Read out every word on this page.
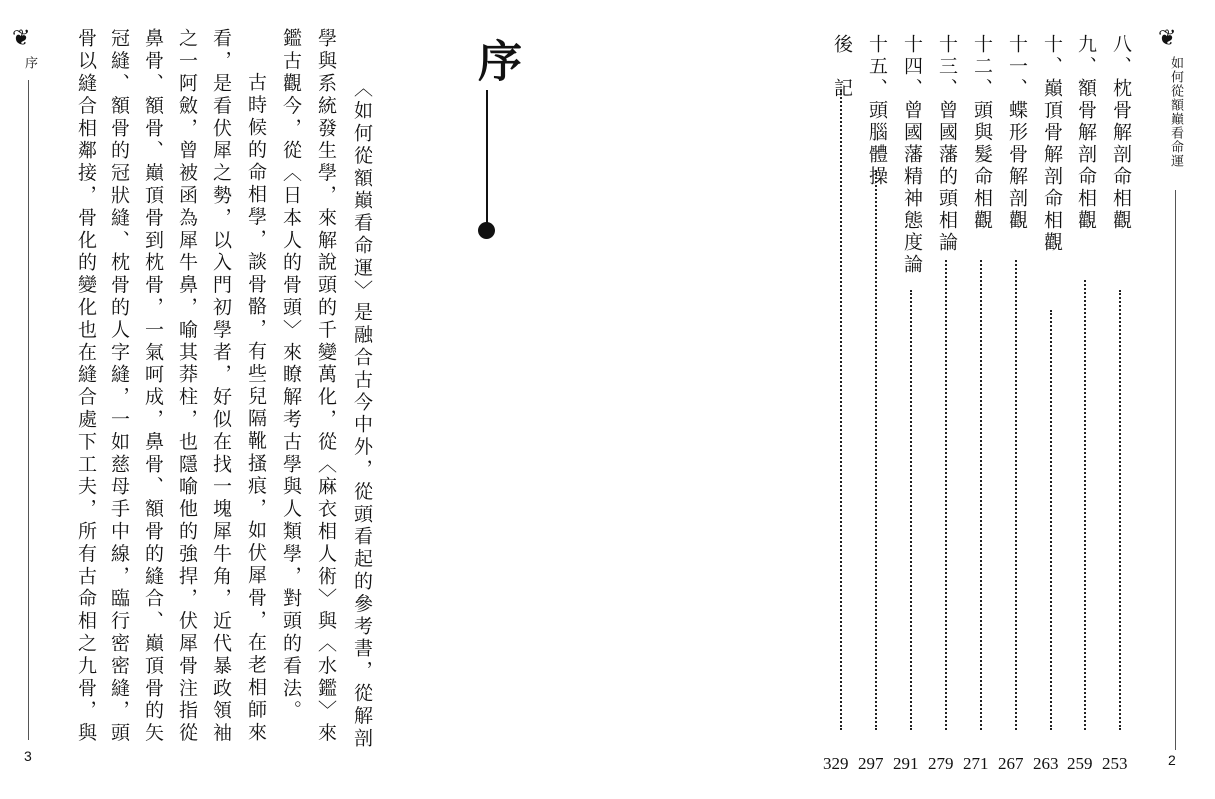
❦
序
3
骨以縫合相鄰接，骨化的變化也在縫合處下工夫，所有古命相之九骨，與 冠縫、額骨的冠狀縫、枕骨的人字縫，一如慈母手中線，臨行密密縫，頭 鼻骨、額骨、巔頂骨到枕骨，一氣呵成，鼻骨、額骨的縫合、巔頂骨的矢 之一阿斂，曾被函為犀牛鼻，喻其莽柱，也隱喻他的強捍，伏犀骨注指從 看，是看伏犀之勢，以入門初學者，好似在找一塊犀牛角，近代暴政領袖 古時候的命相學，談骨骼，有些兒隔靴搔痕，如伏犀骨，在老相師來 鑑古觀今，從〈日本人的骨頭〉來瞭解考古學與人類學，對頭的看法。 學與系統發生學，來解說頭的千變萬化，從〈麻衣相人術〉與〈水鑑〉來 〈如何從額巔看命運〉是融合古今中外，從頭看起的參考書，從解剖
序	❦
如何從額巔看命運
2
八、枕骨解剖命相觀
253
九、額骨解剖命相觀
259
十、巔頂骨解剖命相觀
263
十一、蝶形骨解剖觀
267
十二、頭與髮命相觀
271
十三、曾國藩的頭相論
279
十四、曾國藩精神態度論
291
十五、頭腦體操
297
後　記
329
